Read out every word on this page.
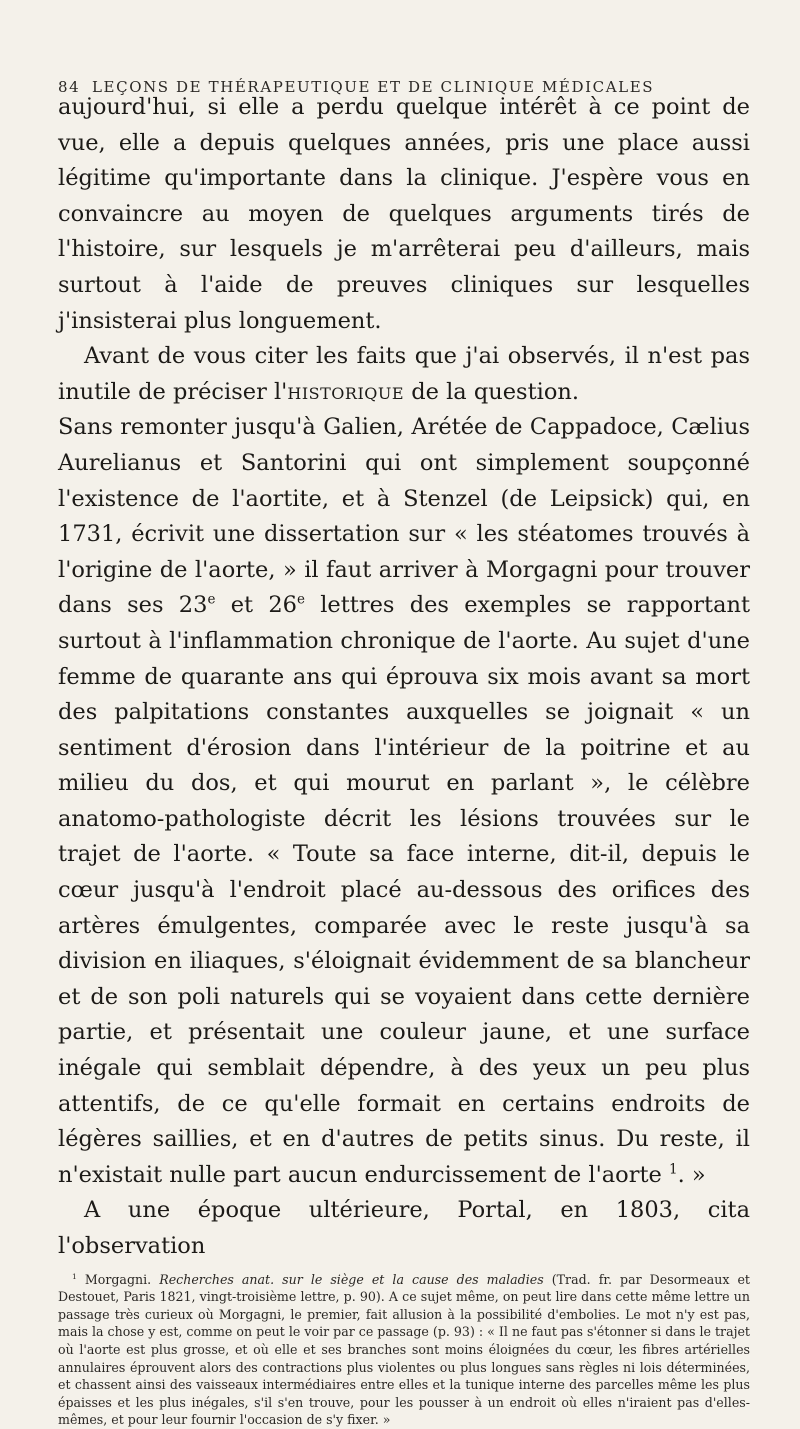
84 LEÇONS DE THÉRAPEUTIQUE ET DE CLINIQUE MÉDICALES

aujourd'hui, si elle a perdu quelque intérêt à ce point de vue, elle a depuis quelques années, pris une place aussi légitime qu'importante dans la clinique. J'espère vous en convaincre au moyen de quelques arguments tirés de l'histoire, sur lesquels je m'arrêterai peu d'ailleurs, mais surtout à l'aide de preuves cliniques sur lesquelles j'insisterai plus longuement.

Avant de vous citer les faits que j'ai observés, il n'est pas inutile de préciser l'historique de la question.

Sans remonter jusqu'à Galien, Arétée de Cappadoce, Cælius Aurelianus et Santorini qui ont simplement soupçonné l'existence de l'aortite, et à Stenzel (de Leipsick) qui, en 1731, écrivit une dissertation sur « les stéatomes trouvés à l'origine de l'aorte, » il faut arriver à Morgagni pour trouver dans ses 23e et 26e lettres des exemples se rapportant surtout à l'inflammation chronique de l'aorte. Au sujet d'une femme de quarante ans qui éprouva six mois avant sa mort des palpitations constantes auxquelles se joignait « un sentiment d'érosion dans l'intérieur de la poitrine et au milieu du dos, et qui mourut en parlant », le célèbre anatomo-pathologiste décrit les lésions trouvées sur le trajet de l'aorte. « Toute sa face interne, dit-il, depuis le cœur jusqu'à l'endroit placé au-dessous des orifices des artères émulgentes, comparée avec le reste jusqu'à sa division en iliaques, s'éloignait évidemment de sa blancheur et de son poli naturels qui se voyaient dans cette dernière partie, et présentait une couleur jaune, et une surface inégale qui semblait dépendre, à des yeux un peu plus attentifs, de ce qu'elle formait en certains endroits de légères saillies, et en d'autres de petits sinus. Du reste, il n'existait nulle part aucun endurcissement de l'aorte $^1$. »

A une époque ultérieure, Portal, en 1803, cita l'observation

$^1$ Morgagni. Recherches anat. sur le siège et la cause des maladies (Trad. fr. par Desormeaux et Destouet, Paris 1821, vingt-troisième lettre, p. 90). A ce sujet même, on peut lire dans cette même lettre un passage très curieux où Morgagni, le premier, fait allusion à la possibilité d'embolies. Le mot n'y est pas, mais la chose y est, comme on peut le voir par ce passage (p. 93) : « Il ne faut pas s'étonner si dans le trajet où l'aorte est plus grosse, et où elle et ses branches sont moins éloignées du cœur, les fibres artérielles annulaires éprouvent alors des contractions plus violentes ou plus longues sans règles ni lois déterminées, et chassent ainsi des vaisseaux intermédiaires entre elles et la tunique interne des parcelles même les plus épaisses et les plus inégales, s'il s'en trouve, pour les pousser à un endroit où elles n'iraient pas d'elles-mêmes, et pour leur fournir l'occasion de s'y fixer. »
